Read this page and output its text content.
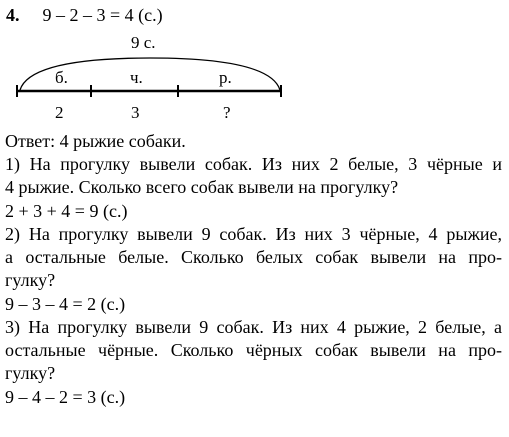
4. 9 – 2 – 3 = 4 (с.)
9 с.
б.	ч.	р.
2	3	?
Ответ: 4 рыжие собаки.
1) На прогулку вывели собак. Из них 2 белые, 3 чёрные и
4 рыжие. Сколько всего собак вывели на прогулку?
2 + 3 + 4 = 9 (с.)
2) На прогулку вывели 9 собак. Из них 3 чёрные, 4 рыжие,
а остальные белые. Сколько белых собак вывели на про-
гулку?
9 – 3 – 4 = 2 (с.)
3) На прогулку вывели 9 собак. Из них 4 рыжие, 2 белые, а
остальные чёрные. Сколько чёрных собак вывели на про-
гулку?
9 – 4 – 2 = 3 (с.)
